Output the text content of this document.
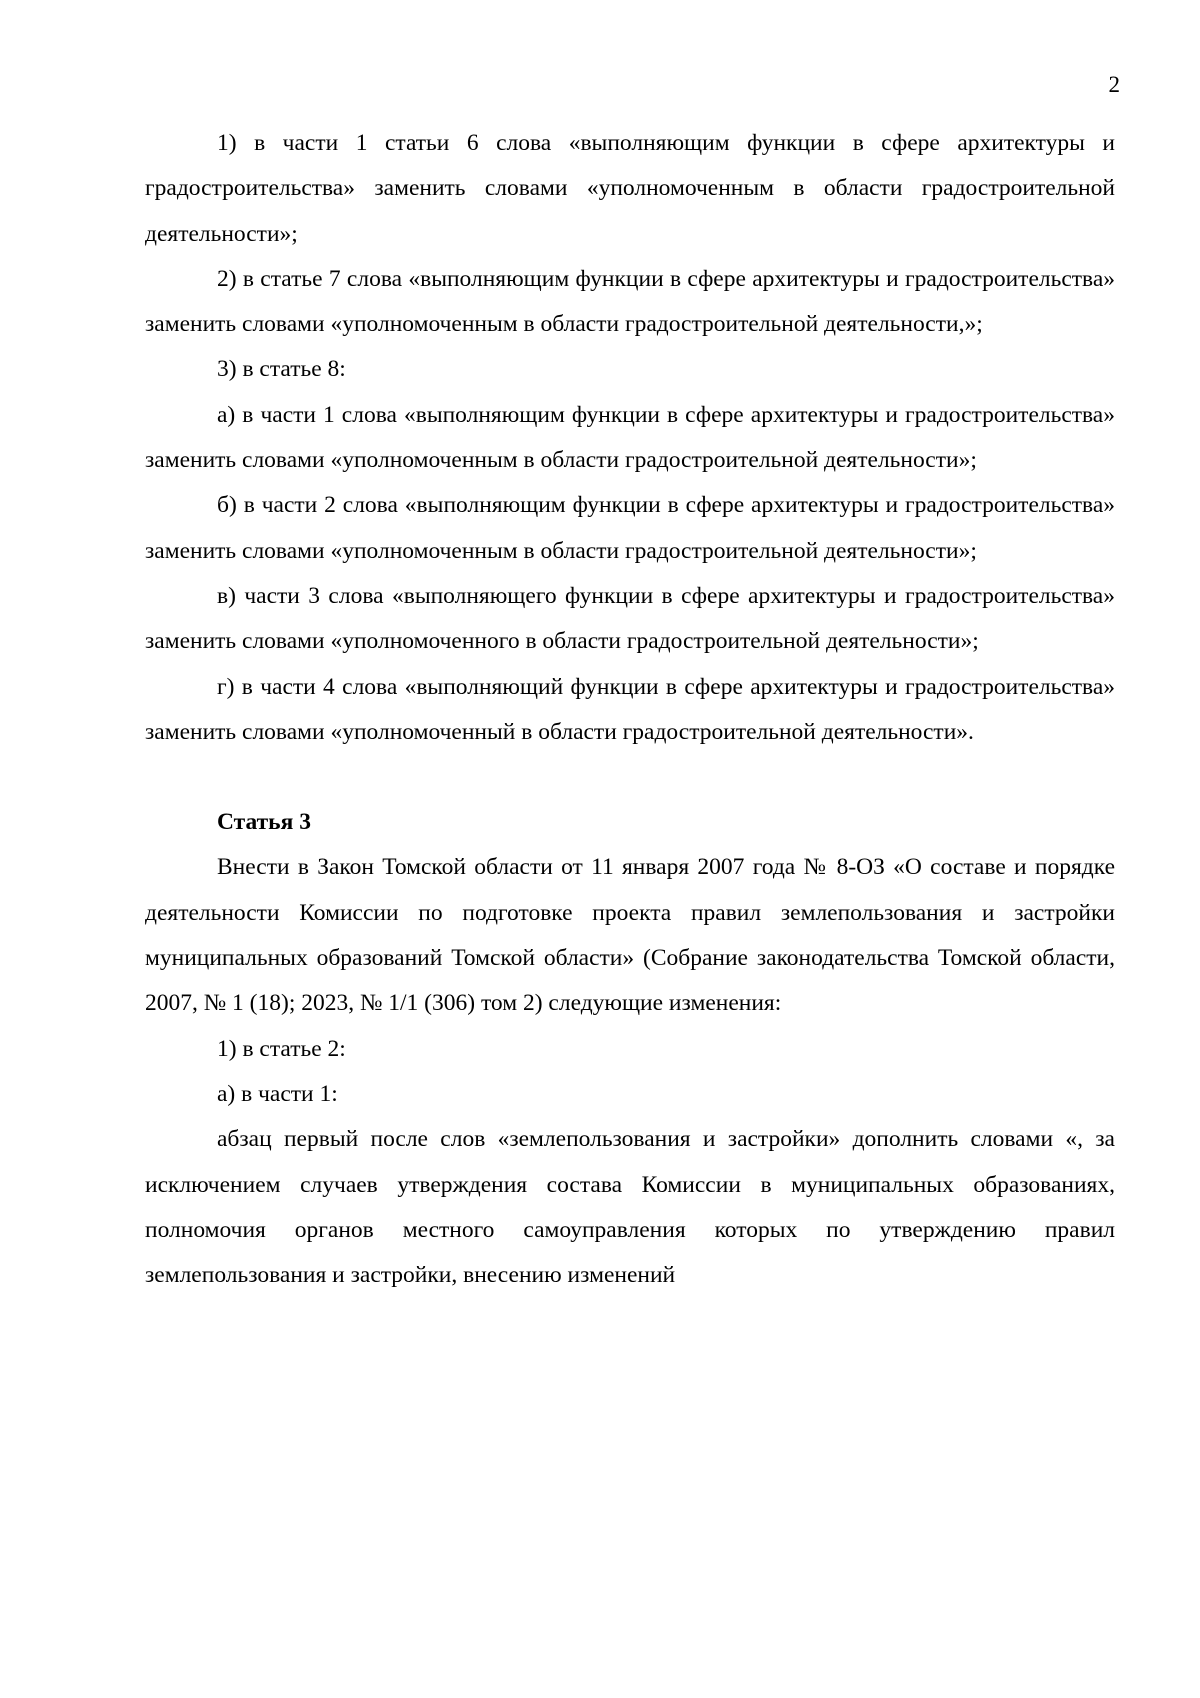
2

1) в части 1 статьи 6 слова «выполняющим функции в сфере архитектуры и градостроительства» заменить словами «уполномоченным в области градостроительной деятельности»;

2) в статье 7 слова «выполняющим функции в сфере архитектуры и градостроительства» заменить словами «уполномоченным в области градостроительной деятельности,»;

3) в статье 8:

а) в части 1 слова «выполняющим функции в сфере архитектуры и градостроительства» заменить словами «уполномоченным в области градостроительной деятельности»;

б) в части 2 слова «выполняющим функции в сфере архитектуры и градостроительства» заменить словами «уполномоченным в области градостроительной деятельности»;

в) части 3 слова «выполняющего функции в сфере архитектуры и градостроительства» заменить словами «уполномоченного в области градостроительной деятельности»;

г) в части 4 слова «выполняющий функции в сфере архитектуры и градостроительства» заменить словами «уполномоченный в области градостроительной деятельности».

Статья 3

Внести в Закон Томской области от 11 января 2007 года № 8-ОЗ «О составе и порядке деятельности Комиссии по подготовке проекта правил землепользования и застройки муниципальных образований Томской области» (Собрание законодательства Томской области, 2007, № 1 (18); 2023, № 1/1 (306) том 2) следующие изменения:

1) в статье 2:

а) в части 1:

абзац первый после слов «землепользования и застройки» дополнить словами «, за исключением случаев утверждения состава Комиссии в муниципальных образованиях, полномочия органов местного самоуправления которых по утверждению правил землепользования и застройки, внесению изменений
